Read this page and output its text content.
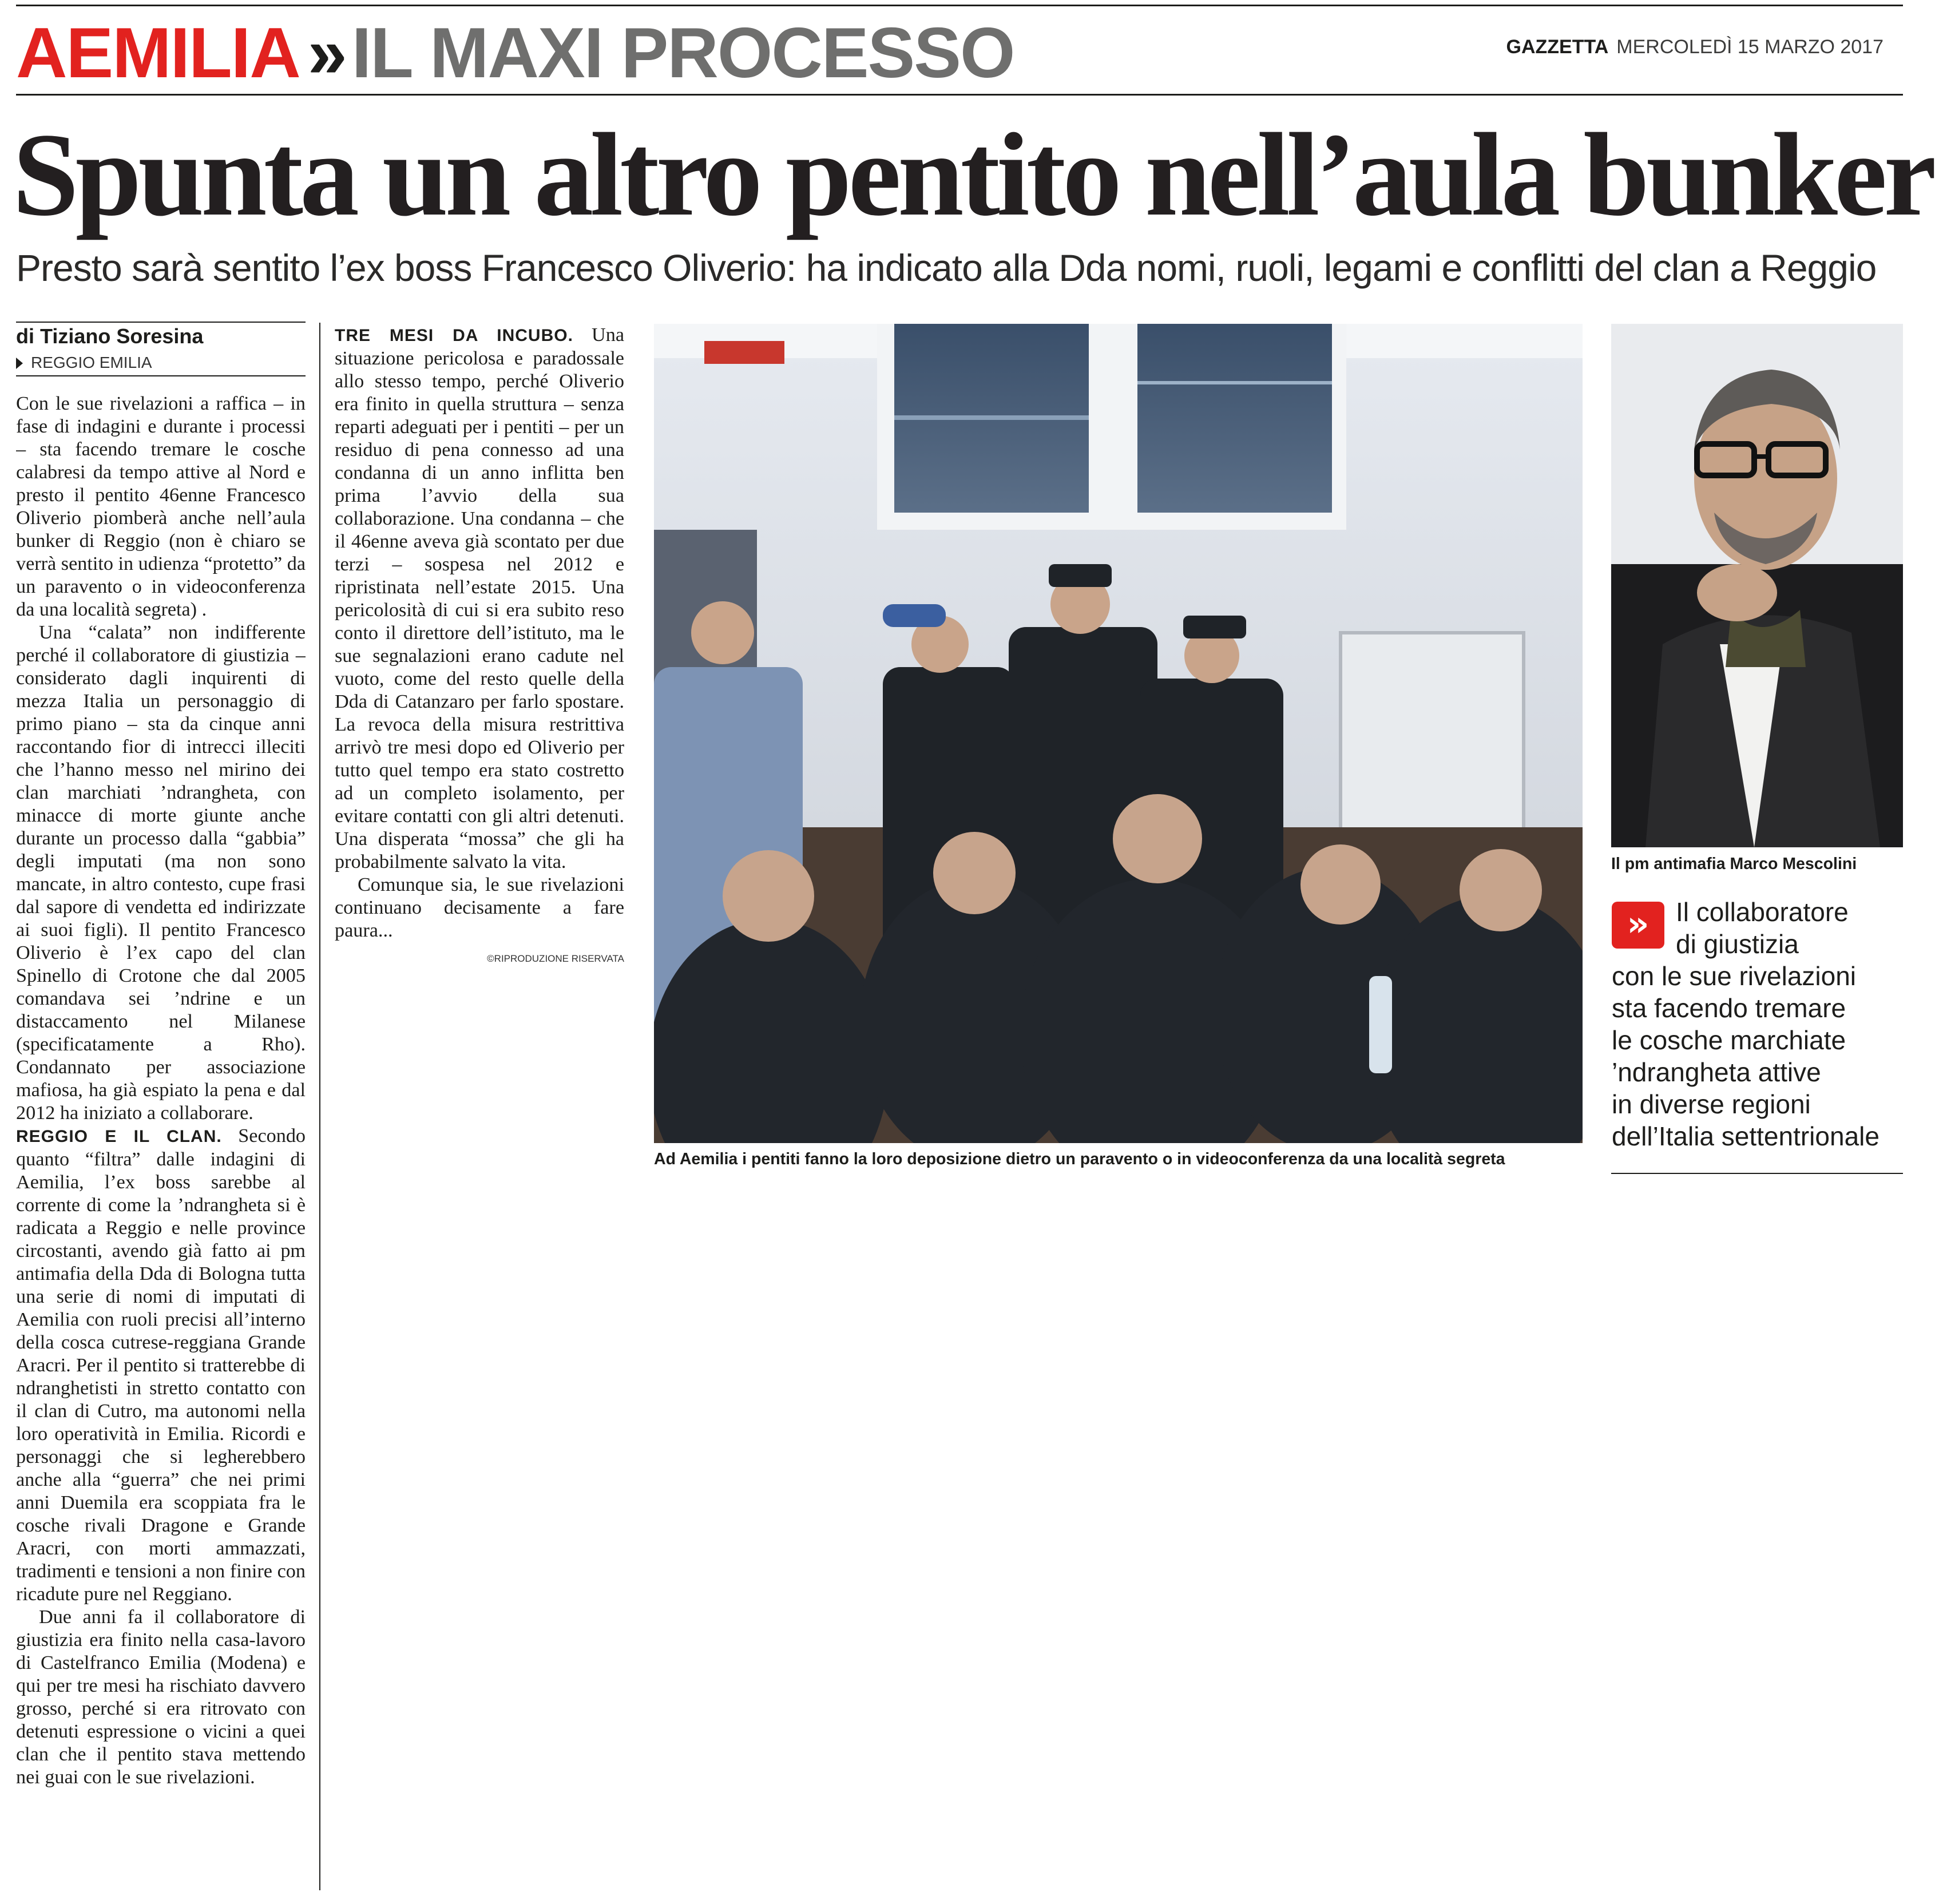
AEMILIA »IL MAXI PROCESSO	GAZZETTA MERCOLEDÌ 15 MARZO 2017
Spunta un altro pentito nell’aula bunker
Presto sarà sentito l’ex boss Francesco Oliverio: ha indicato alla Dda nomi, ruoli, legami e conflitti del clan a Reggio
di Tiziano Soresina
REGGIO EMILIA

Con le sue rivelazioni a raffica – in fase di indagini e durante i processi – sta facendo tremare le cosche calabresi da tempo attive al Nord e presto il pentito 46enne Francesco Oliverio piomberà anche nell’aula bunker di Reggio (non è chiaro se verrà sentito in udienza “protetto” da un paravento o in videoconferenza da una località segreta) .

Una “calata” non indifferente perché il collaboratore di giustizia – considerato dagli inquirenti di mezza Italia un personaggio di primo piano – sta da cinque anni raccontando fior di intrecci illeciti che l’hanno messo nel mirino dei clan marchiati ’ndrangheta, con minacce di morte giunte anche durante un processo dalla “gabbia” degli imputati (ma non sono mancate, in altro contesto, cupe frasi dal sapore di vendetta ed indirizzate ai suoi figli). Il pentito Francesco Oliverio è l’ex capo del clan Spinello di Crotone che dal 2005 comandava sei ’ndrine e un distaccamento nel Milanese (specificatamente a Rho). Condannato per associazione mafiosa, ha già espiato la pena e dal 2012 ha iniziato a collaborare.

REGGIO E IL CLAN. Secondo quanto “filtra” dalle indagini di Aemilia, l’ex boss sarebbe al corrente di come la ’ndrangheta si è radicata a Reggio e nelle province circostanti, avendo già fatto ai pm antimafia della Dda di Bologna tutta una serie di nomi di imputati di Aemilia con ruoli precisi all’interno della cosca cutrese-reggiana Grande Aracri. Per il pentito si tratterebbe di ndranghetisti in stretto contatto con il clan di Cutro, ma autonomi nella loro operatività in Emilia. Ricordi e personaggi che si legherebbero anche alla “guerra” che nei primi anni Duemila era scoppiata fra le cosche rivali Dragone e Grande Aracri, con morti ammazzati, tradimenti e tensioni a non finire con ricadute pure nel Reggiano.

Due anni fa il collaboratore di giustizia era finito nella casa-lavoro di Castelfranco Emilia (Modena) e qui per tre mesi ha rischiato davvero grosso, perché si era ritrovato con detenuti espressione o vicini a quei clan che il pentito stava mettendo nei guai con le sue rivelazioni.

TRE MESI DA INCUBO. Una situazione pericolosa e paradossale allo stesso tempo, perché Oliverio era finito in quella struttura – senza reparti adeguati per i pentiti – per un residuo di pena connesso ad una condanna di un anno inflitta ben prima l’avvio della sua collaborazione. Una condanna – che il 46enne aveva già scontato per due terzi – sospesa nel 2012 e ripristinata nell’estate 2015. Una pericolosità di cui si era subito reso conto il direttore dell’istituto, ma le sue segnalazioni erano cadute nel vuoto, come del resto quelle della Dda di Catanzaro per farlo spostare. La revoca della misura restrittiva arrivò tre mesi dopo ed Oliverio per tutto quel tempo era stato costretto ad un completo isolamento, per evitare contatti con gli altri detenuti. Una disperata “mossa” che gli ha probabilmente salvato la vita.

Comunque sia, le sue rivelazioni continuano decisamente a fare paura...

©RIPRODUZIONE RISERVATA
Ad Aemilia i pentiti fanno la loro deposizione dietro un paravento o in videoconferenza da una località segreta
Il pm antimafia Marco Mescolini
»	Il collaboratore
di giustizia
con le sue rivelazioni
sta facendo tremare
le cosche marchiate
’ndrangheta attive
in diverse regioni
dell’Italia settentrionale
